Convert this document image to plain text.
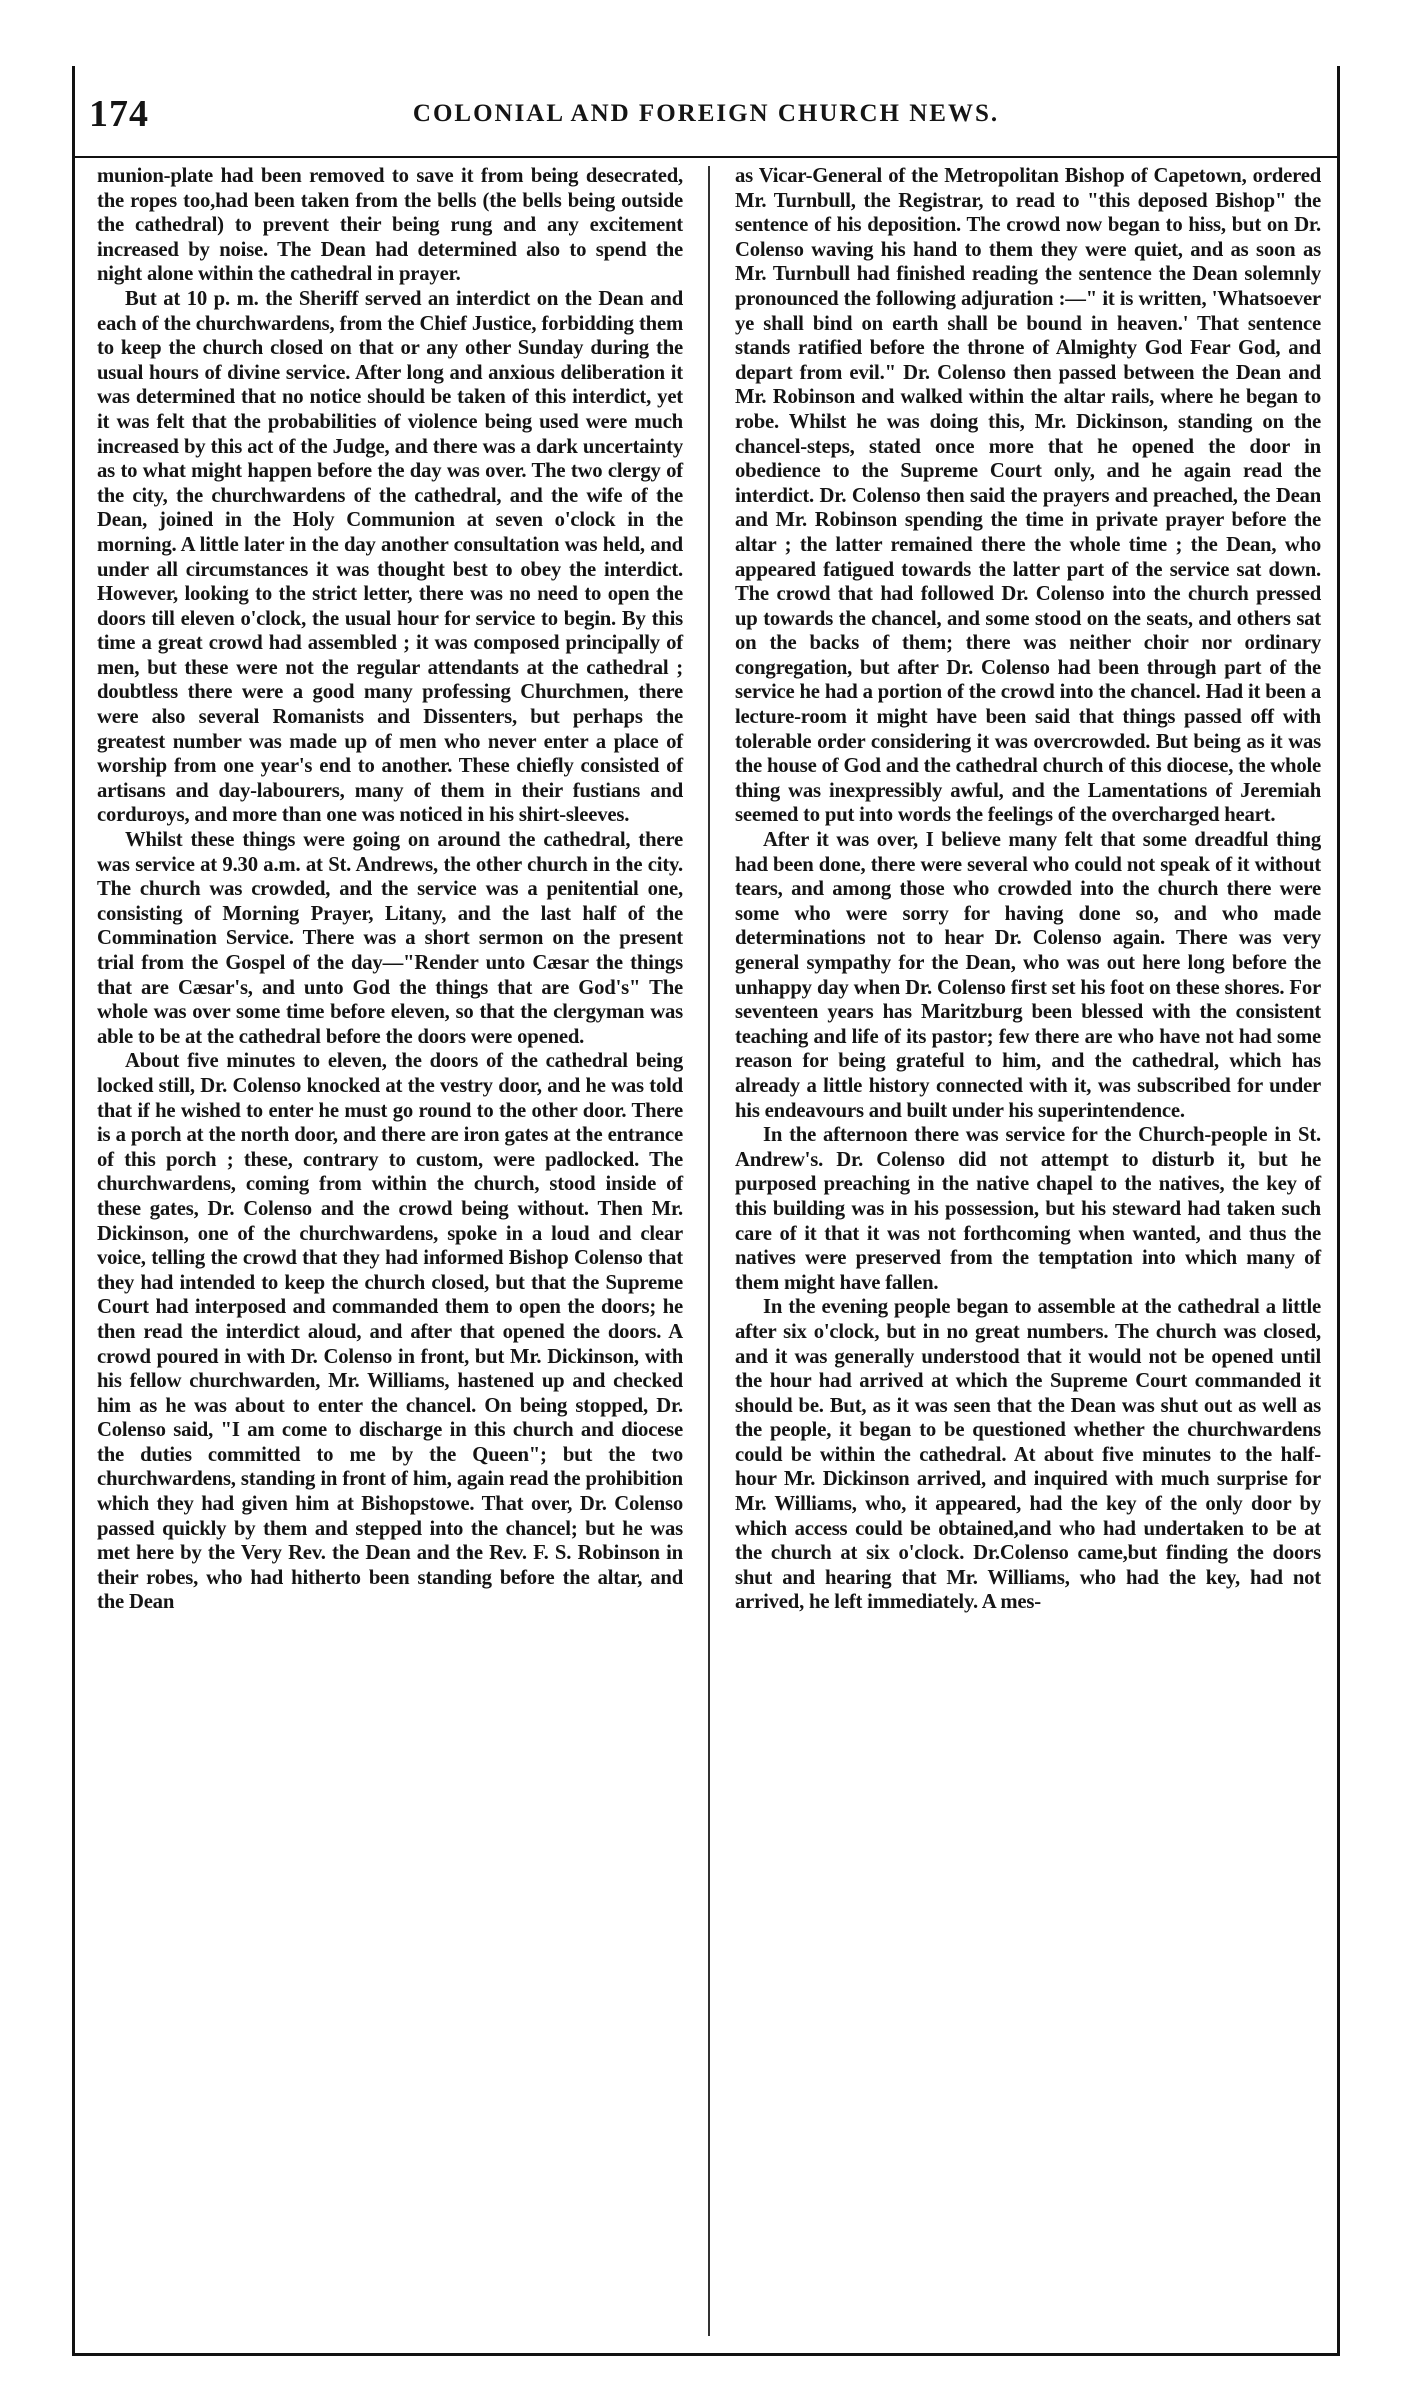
174	COLONIAL AND FOREIGN CHURCH NEWS.

munion-plate had been removed to save it from being desecrated, the ropes too,had been taken from the bells (the bells being outside the cathedral) to prevent their being rung and any excitement increased by noise. The Dean had determined also to spend the night alone within the cathedral in prayer.

But at 10 p. m. the Sheriff served an interdict on the Dean and each of the churchwardens, from the Chief Justice, forbidding them to keep the church closed on that or any other Sunday during the usual hours of divine service. After long and anxious deliberation it was determined that no notice should be taken of this interdict, yet it was felt that the probabilities of violence being used were much increased by this act of the Judge, and there was a dark uncertainty as to what might happen before the day was over. The two clergy of the city, the churchwardens of the cathedral, and the wife of the Dean, joined in the Holy Communion at seven o'clock in the morning. A little later in the day another consultation was held, and under all circumstances it was thought best to obey the interdict. However, looking to the strict letter, there was no need to open the doors till eleven o'clock, the usual hour for service to begin. By this time a great crowd had assembled ; it was composed principally of men, but these were not the regular attendants at the cathedral ; doubtless there were a good many professing Churchmen, there were also several Romanists and Dissenters, but perhaps the greatest number was made up of men who never enter a place of worship from one year's end to another. These chiefly consisted of artisans and day-labourers, many of them in their fustians and corduroys, and more than one was noticed in his shirt-sleeves.

Whilst these things were going on around the cathedral, there was service at 9.30 a.m. at St. Andrews, the other church in the city. The church was crowded, and the service was a penitential one, consisting of Morning Prayer, Litany, and the last half of the Commination Service. There was a short sermon on the present trial from the Gospel of the day—"Render unto Cæsar the things that are Cæsar's, and unto God the things that are God's" The whole was over some time before eleven, so that the clergyman was able to be at the cathedral before the doors were opened.

About five minutes to eleven, the doors of the cathedral being locked still, Dr. Colenso knocked at the vestry door, and he was told that if he wished to enter he must go round to the other door. There is a porch at the north door, and there are iron gates at the entrance of this porch ; these, contrary to custom, were padlocked. The churchwardens, coming from within the church, stood inside of these gates, Dr. Colenso and the crowd being without. Then Mr. Dickinson, one of the churchwardens, spoke in a loud and clear voice, telling the crowd that they had informed Bishop Colenso that they had intended to keep the church closed, but that the Supreme Court had interposed and commanded them to open the doors; he then read the interdict aloud, and after that opened the doors. A crowd poured in with Dr. Colenso in front, but Mr. Dickinson, with his fellow churchwarden, Mr. Williams, hastened up and checked him as he was about to enter the chancel. On being stopped, Dr. Colenso said, "I am come to discharge in this church and diocese the duties committed to me by the Queen"; but the two churchwardens, standing in front of him, again read the prohibition which they had given him at Bishopstowe. That over, Dr. Colenso passed quickly by them and stepped into the chancel; but he was met here by the Very Rev. the Dean and the Rev. F. S. Robinson in their robes, who had hitherto been standing before the altar, and the Dean

as Vicar-General of the Metropolitan Bishop of Capetown, ordered Mr. Turnbull, the Registrar, to read to "this deposed Bishop" the sentence of his deposition. The crowd now began to hiss, but on Dr. Colenso waving his hand to them they were quiet, and as soon as Mr. Turnbull had finished reading the sentence the Dean solemnly pronounced the following adjuration :—" it is written, 'Whatsoever ye shall bind on earth shall be bound in heaven.' That sentence stands ratified before the throne of Almighty God Fear God, and depart from evil." Dr. Colenso then passed between the Dean and Mr. Robinson and walked within the altar rails, where he began to robe. Whilst he was doing this, Mr. Dickinson, standing on the chancel-steps, stated once more that he opened the door in obedience to the Supreme Court only, and he again read the interdict. Dr. Colenso then said the prayers and preached, the Dean and Mr. Robinson spending the time in private prayer before the altar ; the latter remained there the whole time ; the Dean, who appeared fatigued towards the latter part of the service sat down. The crowd that had followed Dr. Colenso into the church pressed up towards the chancel, and some stood on the seats, and others sat on the backs of them; there was neither choir nor ordinary congregation, but after Dr. Colenso had been through part of the service he had a portion of the crowd into the chancel. Had it been a lecture-room it might have been said that things passed off with tolerable order considering it was overcrowded. But being as it was the house of God and the cathedral church of this diocese, the whole thing was inexpressibly awful, and the Lamentations of Jeremiah seemed to put into words the feelings of the overcharged heart.

After it was over, I believe many felt that some dreadful thing had been done, there were several who could not speak of it without tears, and among those who crowded into the church there were some who were sorry for having done so, and who made determinations not to hear Dr. Colenso again. There was very general sympathy for the Dean, who was out here long before the unhappy day when Dr. Colenso first set his foot on these shores. For seventeen years has Maritzburg been blessed with the consistent teaching and life of its pastor; few there are who have not had some reason for being grateful to him, and the cathedral, which has already a little history connected with it, was subscribed for under his endeavours and built under his superintendence.

In the afternoon there was service for the Church-people in St. Andrew's. Dr. Colenso did not attempt to disturb it, but he purposed preaching in the native chapel to the natives, the key of this building was in his possession, but his steward had taken such care of it that it was not forthcoming when wanted, and thus the natives were preserved from the temptation into which many of them might have fallen.

In the evening people began to assemble at the cathedral a little after six o'clock, but in no great numbers. The church was closed, and it was generally understood that it would not be opened until the hour had arrived at which the Supreme Court commanded it should be. But, as it was seen that the Dean was shut out as well as the people, it began to be questioned whether the churchwardens could be within the cathedral. At about five minutes to the half-hour Mr. Dickinson arrived, and inquired with much surprise for Mr. Williams, who, it appeared, had the key of the only door by which access could be obtained,and who had undertaken to be at the church at six o'clock. Dr.Colenso came,but finding the doors shut and hearing that Mr. Williams, who had the key, had not arrived, he left immediately. A mes-
